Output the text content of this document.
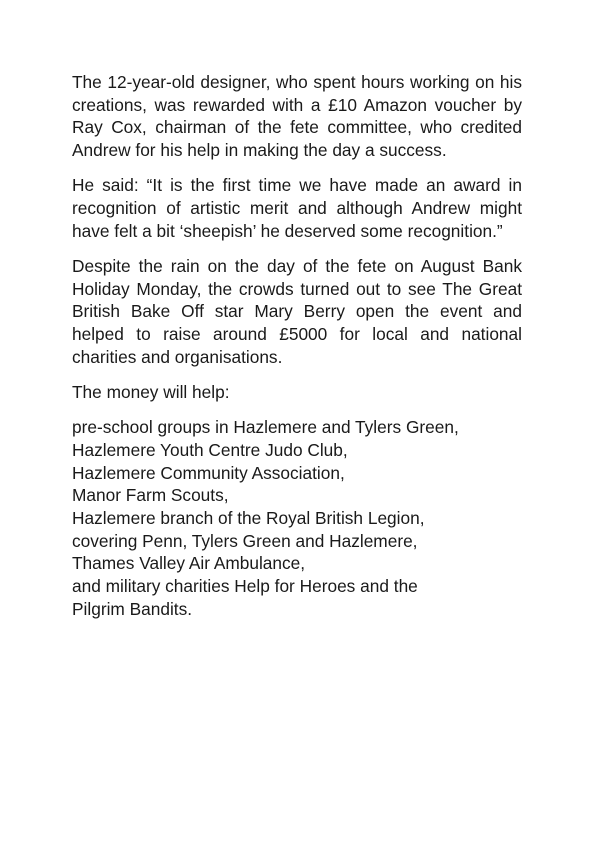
The 12-year-old designer, who spent hours working on his creations, was rewarded with a £10 Amazon voucher by Ray Cox, chairman of the fete committee, who credited Andrew for his help in making the day a success.

He said: “It is the first time we have made an award in recognition of artistic merit and although Andrew might have felt a bit ‘sheepish’ he deserved some recognition.”

Despite the rain on the day of the fete on August Bank Holiday Monday, the crowds turned out to see The Great British Bake Off star Mary Berry open the event and helped to raise around £5000 for local and national charities and organisations.

The money will help:

pre-school groups in Hazlemere and Tylers Green,
Hazlemere Youth Centre Judo Club,
Hazlemere Community Association,
Manor Farm Scouts,
Hazlemere branch of the Royal British Legion,
covering Penn, Tylers Green and Hazlemere,
Thames Valley Air Ambulance,
and military charities Help for Heroes and the
Pilgrim Bandits.
